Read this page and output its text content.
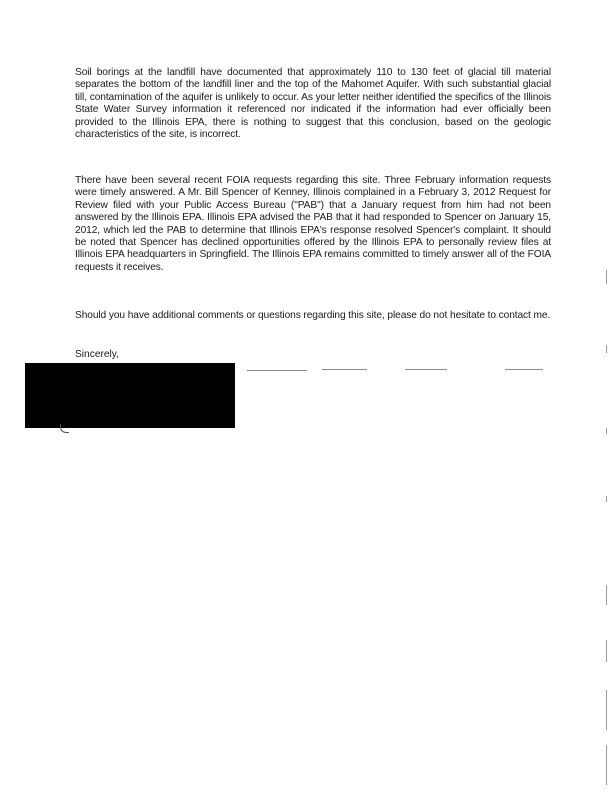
Soil borings at the landfill have documented that approximately 110 to 130 feet of glacial till material separates the bottom of the landfill liner and the top of the Mahomet Aquifer. With such substantial glacial till, contamination of the aquifer is unlikely to occur. As your letter neither identified the specifics of the Illinois State Water Survey information it referenced nor indicated if the information had ever officially been provided to the Illinois EPA, there is nothing to suggest that this conclusion, based on the geologic characteristics of the site, is incorrect.

There have been several recent FOIA requests regarding this site. Three February information requests were timely answered. A Mr. Bill Spencer of Kenney, Illinois complained in a February 3, 2012 Request for Review filed with your Public Access Bureau ("PAB") that a January request from him had not been answered by the Illinois EPA. Illinois EPA advised the PAB that it had responded to Spencer on January 15, 2012, which led the PAB to determine that Illinois EPA's response resolved Spencer's complaint. It should be noted that Spencer has declined opportunities offered by the Illinois EPA to personally review files at Illinois EPA headquarters in Springfield. The Illinois EPA remains committed to timely answer all of the FOIA requests it receives.

Should you have additional comments or questions regarding this site, please do not hesitate to contact me.

Sincerely,
